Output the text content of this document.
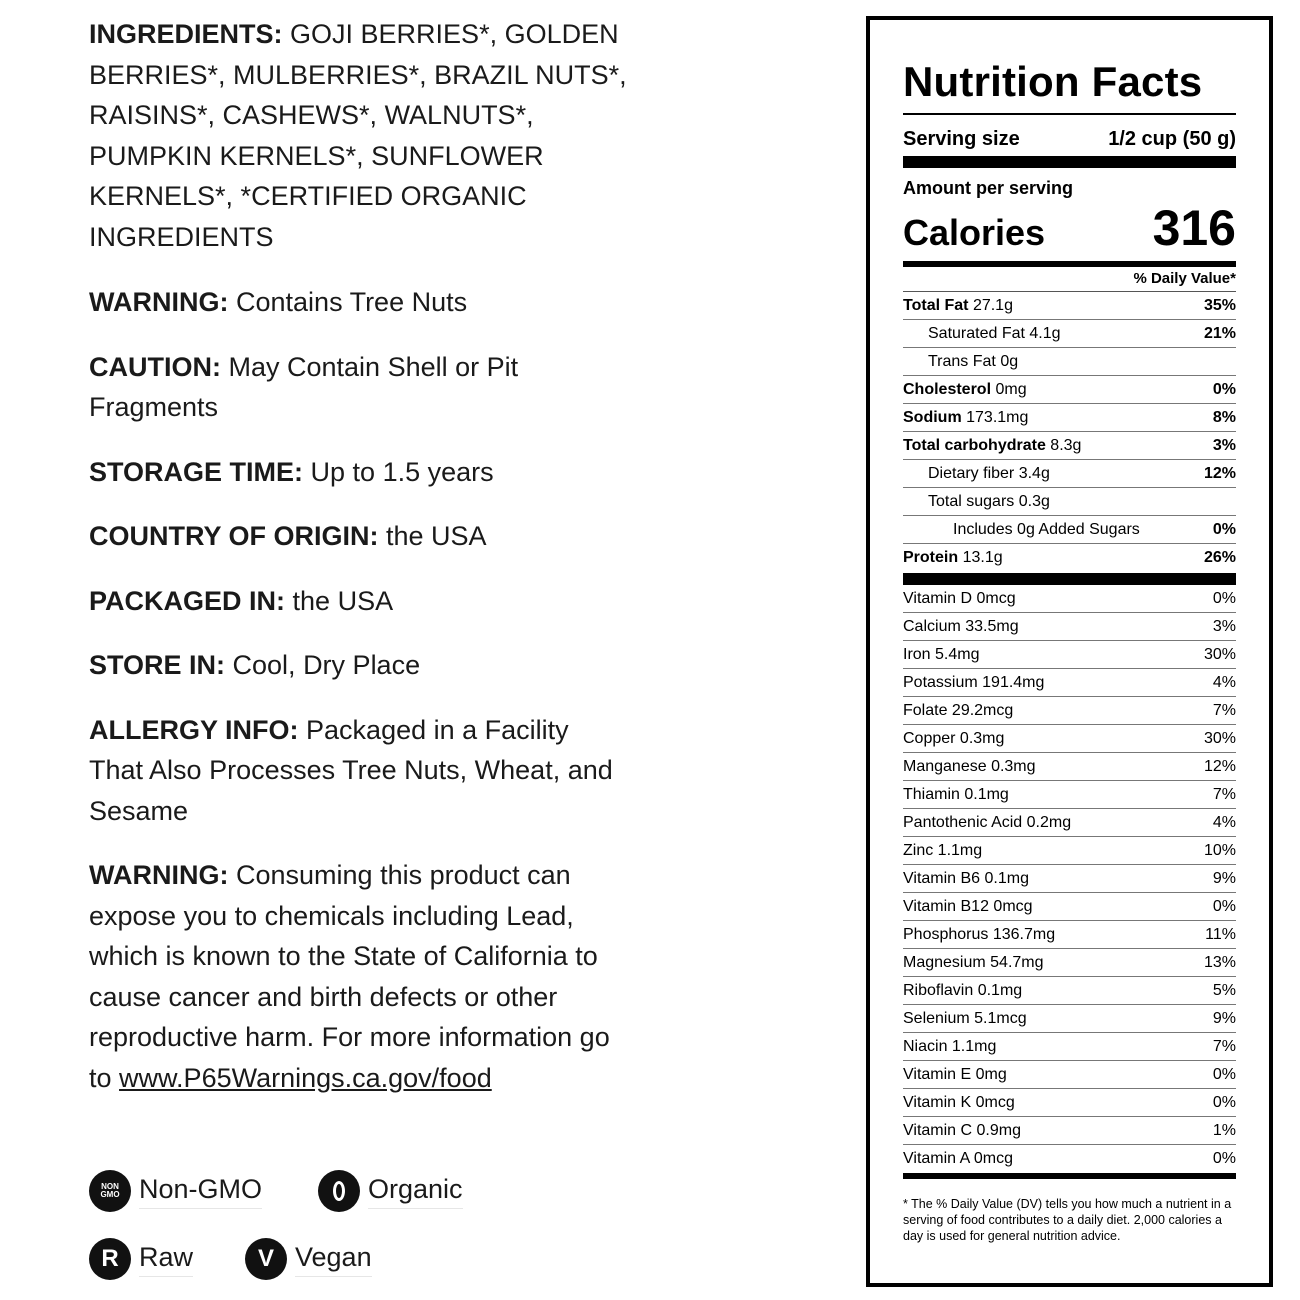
INGREDIENTS: GOJI BERRIES*, GOLDEN BERRIES*, MULBERRIES*, BRAZIL NUTS*, RAISINS*, CASHEWS*, WALNUTS*, PUMPKIN KERNELS*, SUNFLOWER KERNELS*, *CERTIFIED ORGANIC INGREDIENTS

WARNING: Contains Tree Nuts

CAUTION: May Contain Shell or Pit Fragments

STORAGE TIME: Up to 1.5 years

COUNTRY OF ORIGIN: the USA

PACKAGED IN: the USA

STORE IN: Cool, Dry Place

ALLERGY INFO: Packaged in a Facility That Also Processes Tree Nuts, Wheat, and Sesame

WARNING: Consuming this product can expose you to chemicals including Lead, which is known to the State of California to cause cancer and birth defects or other reproductive harm. For more information go to www.P65Warnings.ca.gov/food

NON
GMO Non-GMO	Organic
R Raw	V Vegan
Nutrition Facts
Serving size	1/2 cup (50 g)
Amount per serving
Calories 316
% Daily Value*
Total Fat 27.1g	35%
Saturated Fat 4.1g	21%
Trans Fat 0g
Cholesterol 0mg	0%
Sodium 173.1mg	8%
Total carbohydrate 8.3g	3%
Dietary fiber 3.4g	12%
Total sugars 0.3g
Includes 0g Added Sugars	0%
Protein 13.1g	26%
Vitamin D 0mcg	0%
Calcium 33.5mg	3%
Iron 5.4mg	30%
Potassium 191.4mg	4%
Folate 29.2mcg	7%
Copper 0.3mg	30%
Manganese 0.3mg	12%
Thiamin 0.1mg	7%
Pantothenic Acid 0.2mg	4%
Zinc 1.1mg	10%
Vitamin B6 0.1mg	9%
Vitamin B12 0mcg	0%
Phosphorus 136.7mg	11%
Magnesium 54.7mg	13%
Riboflavin 0.1mg	5%
Selenium 5.1mcg	9%
Niacin 1.1mg	7%
Vitamin E 0mg	0%
Vitamin K 0mcg	0%
Vitamin C 0.9mg	1%
Vitamin A 0mcg	0%
* The % Daily Value (DV) tells you how much a nutrient in a serving of food contributes to a daily diet. 2,000 calories a day is used for general nutrition advice.
